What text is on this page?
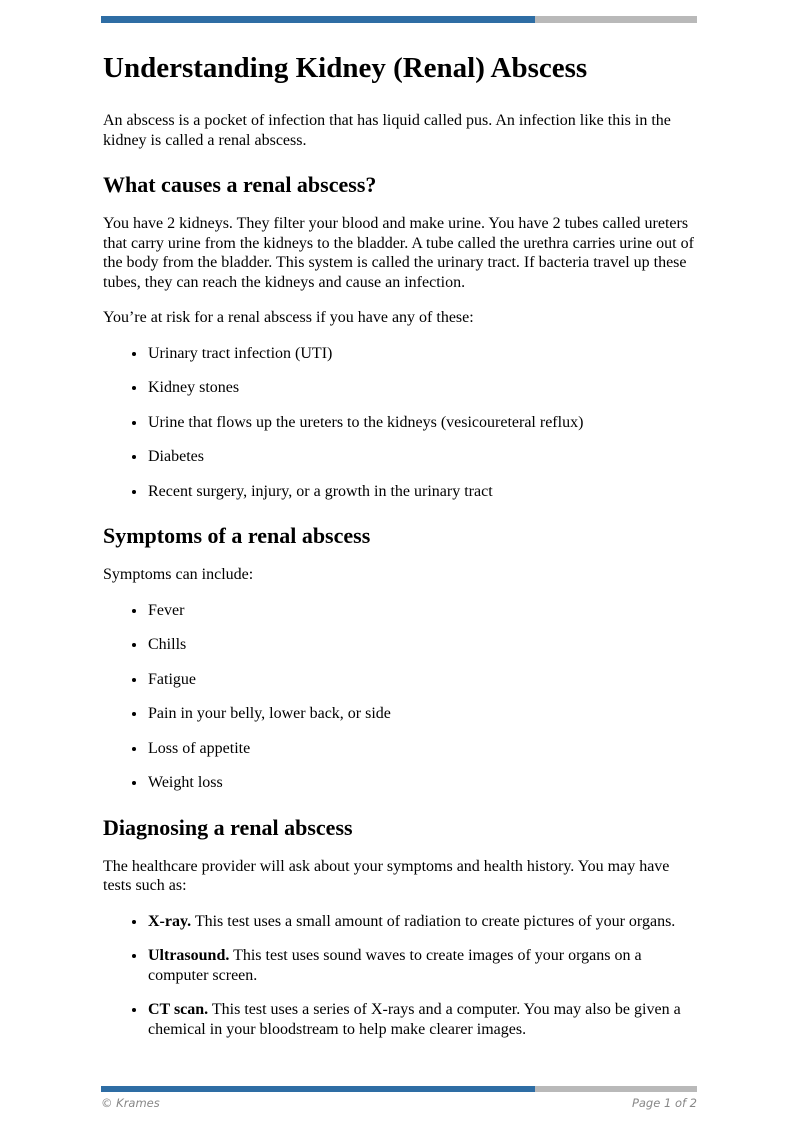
Understanding Kidney (Renal) Abscess

An abscess is a pocket of infection that has liquid called pus. An infection like this in the kidney is called a renal abscess.

What causes a renal abscess?

You have 2 kidneys. They filter your blood and make urine. You have 2 tubes called ureters that carry urine from the kidneys to the bladder. A tube called the urethra carries urine out of the body from the bladder. This system is called the urinary tract. If bacteria travel up these tubes, they can reach the kidneys and cause an infection.

You’re at risk for a renal abscess if you have any of these:

Urinary tract infection (UTI)
Kidney stones
Urine that flows up the ureters to the kidneys (vesicoureteral reflux)
Diabetes
Recent surgery, injury, or a growth in the urinary tract
Symptoms of a renal abscess

Symptoms can include:

Fever
Chills
Fatigue
Pain in your belly, lower back, or side
Loss of appetite
Weight loss
Diagnosing a renal abscess

The healthcare provider will ask about your symptoms and health history. You may have tests such as:

X-ray. This test uses a small amount of radiation to create pictures of your organs.
Ultrasound. This test uses sound waves to create images of your organs on a computer screen.
CT scan. This test uses a series of X-rays and a computer. You may also be given a chemical in your bloodstream to help make clearer images.
© Krames	Page 1 of 2
